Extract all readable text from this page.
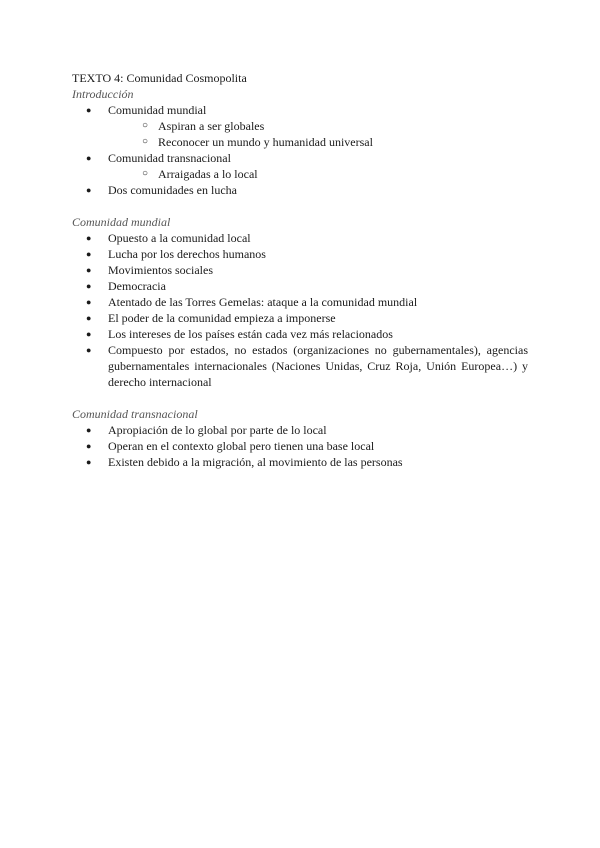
TEXTO 4: Comunidad Cosmopolita

Introducción

● Comunidad mundial
○ Aspiran a ser globales
○ Reconocer un mundo y humanidad universal
● Comunidad transnacional
○ Arraigadas a lo local
● Dos comunidades en lucha

Comunidad mundial

● Opuesto a la comunidad local
● Lucha por los derechos humanos
● Movimientos sociales
● Democracia
● Atentado de las Torres Gemelas: ataque a la comunidad mundial
● El poder de la comunidad empieza a imponerse
● Los intereses de los países están cada vez más relacionados
● Compuesto por estados, no estados (organizaciones no gubernamentales), agencias gubernamentales internacionales (Naciones Unidas, Cruz Roja, Unión Europea…) y derecho internacional

Comunidad transnacional

● Apropiación de lo global por parte de lo local
● Operan en el contexto global pero tienen una base local
● Existen debido a la migración, al movimiento de las personas
